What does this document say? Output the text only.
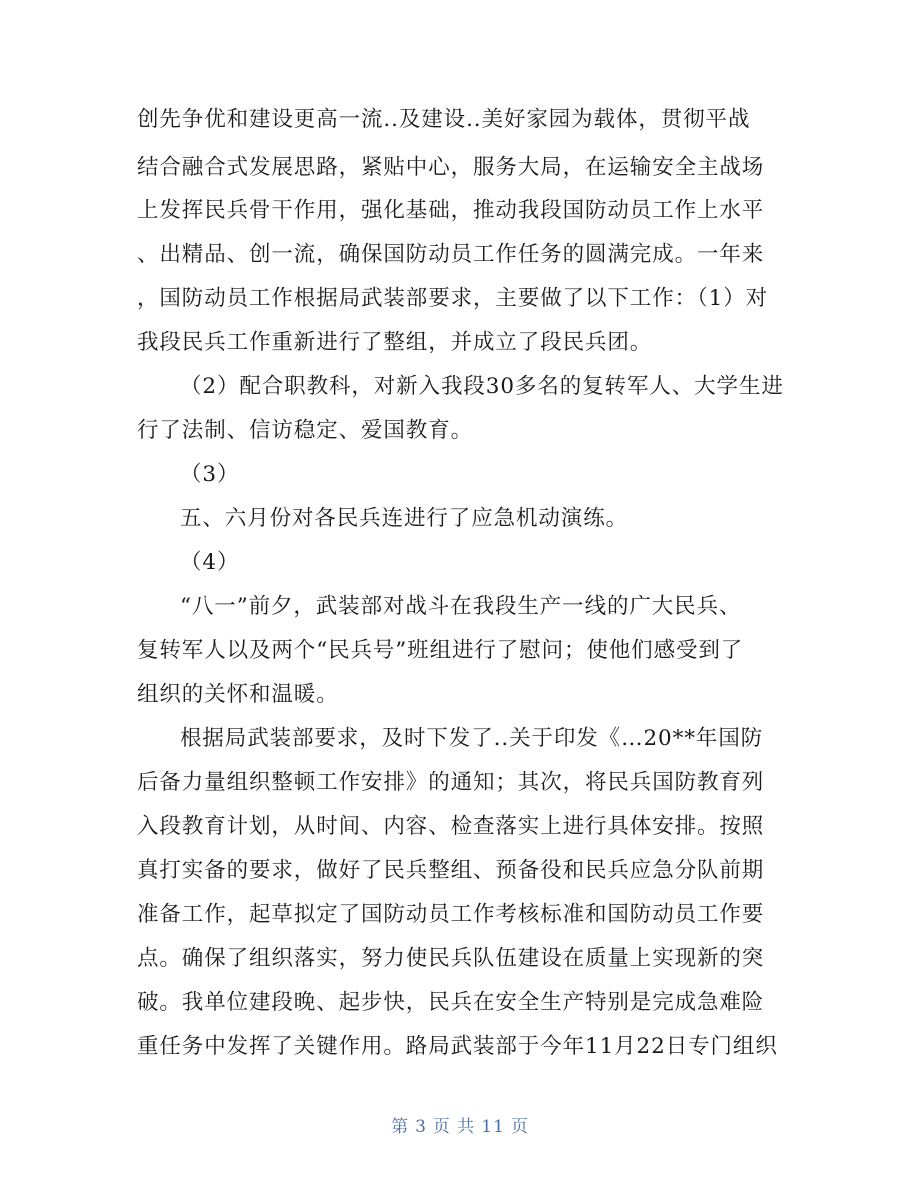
创先争优和建设更高一流..及建设..美好家园为载体，贯彻平战
结合融合式发展思路，紧贴中心，服务大局，在运输安全主战场
上发挥民兵骨干作用，强化基础，推动我段国防动员工作上水平
、出精品、创一流，确保国防动员工作任务的圆满完成。一年来
，国防动员工作根据局武装部要求，主要做了以下工作：（1）对
我段民兵工作重新进行了整组，并成立了段民兵团。
（2）配合职教科，对新入我段30多名的复转军人、大学生进
行了法制、信访稳定、爱国教育。
（3）
五、六月份对各民兵连进行了应急机动演练。
（4）
“八一”前夕，武装部对战斗在我段生产一线的广大民兵、
复转军人以及两个“民兵号”班组进行了慰问；使他们感受到了
组织的关怀和温暖。
根据局武装部要求，及时下发了..关于印发《…20**年国防
后备力量组织整顿工作安排》的通知；其次，将民兵国防教育列
入段教育计划，从时间、内容、检查落实上进行具体安排。按照
真打实备的要求，做好了民兵整组、预备役和民兵应急分队前期
准备工作，起草拟定了国防动员工作考核标准和国防动员工作要
点。确保了组织落实，努力使民兵队伍建设在质量上实现新的突
破。我单位建段晚、起步快，民兵在安全生产特别是完成急难险
重任务中发挥了关键作用。路局武装部于今年11月22日专门组织
第 3 页 共 11 页
